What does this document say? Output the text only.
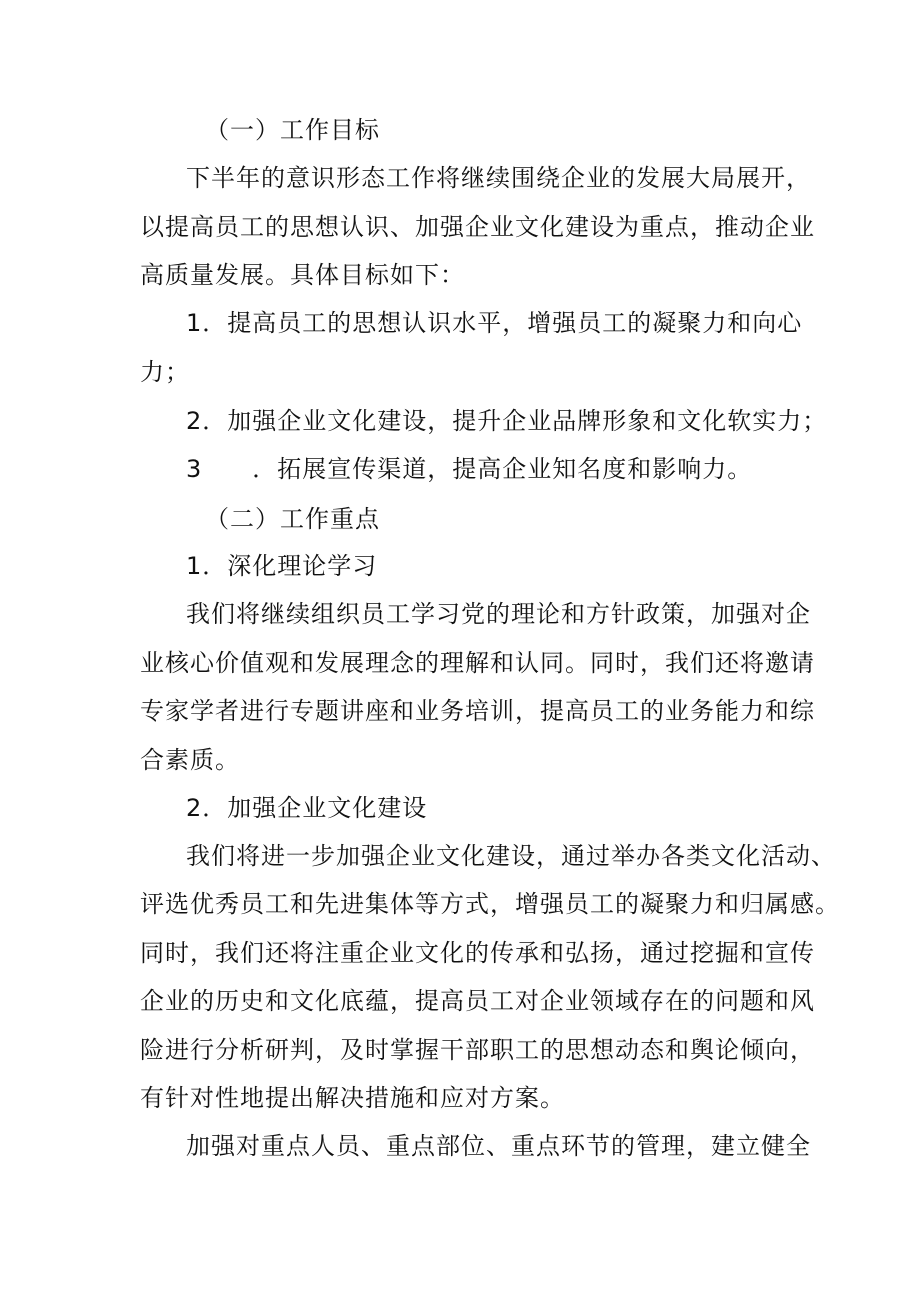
（一）工作目标
下半年的意识形态工作将继续围绕企业的发展大局展开，
以提高员工的思想认识、加强企业文化建设为重点，推动企业
高质量发展。具体目标如下：
1．提高员工的思想认识水平，增强员工的凝聚力和向心
力；
2．加强企业文化建设，提升企业品牌形象和文化软实力；
3　　．拓展宣传渠道，提高企业知名度和影响力。
（二）工作重点
1．深化理论学习
我们将继续组织员工学习党的理论和方针政策，加强对企
业核心价值观和发展理念的理解和认同。同时，我们还将邀请
专家学者进行专题讲座和业务培训，提高员工的业务能力和综
合素质。
2．加强企业文化建设
我们将进一步加强企业文化建设，通过举办各类文化活动、
评选优秀员工和先进集体等方式，增强员工的凝聚力和归属感。
同时，我们还将注重企业文化的传承和弘扬，通过挖掘和宣传
企业的历史和文化底蕴，提高员工对企业领域存在的问题和风
险进行分析研判，及时掌握干部职工的思想动态和舆论倾向，
有针对性地提出解决措施和应对方案。
加强对重点人员、重点部位、重点环节的管理，建立健全
